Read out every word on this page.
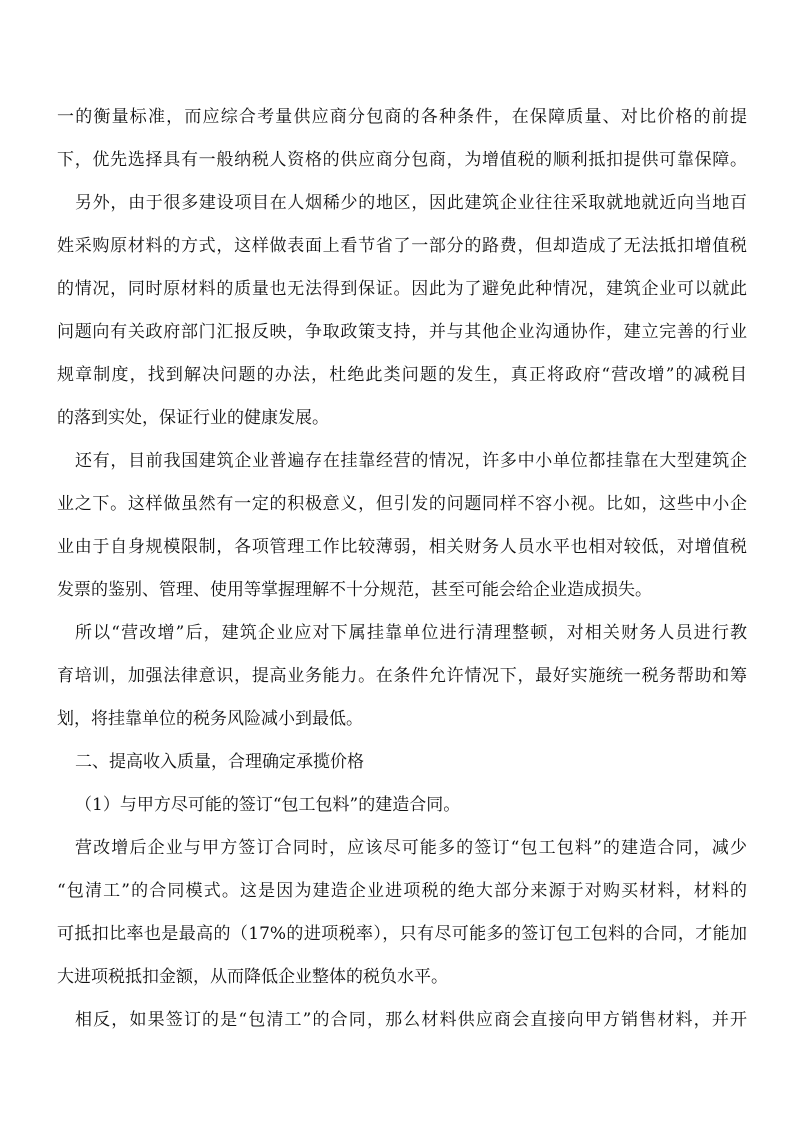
一的衡量标准，而应综合考量供应商分包商的各种条件，在保障质量、对比价格的前提
下，优先选择具有一般纳税人资格的供应商分包商，为增值税的顺利抵扣提供可靠保障。
另外，由于很多建设项目在人烟稀少的地区，因此建筑企业往往采取就地就近向当地百
姓采购原材料的方式，这样做表面上看节省了一部分的路费，但却造成了无法抵扣增值税
的情况，同时原材料的质量也无法得到保证。因此为了避免此种情况，建筑企业可以就此
问题向有关政府部门汇报反映，争取政策支持，并与其他企业沟通协作，建立完善的行业
规章制度，找到解决问题的办法，杜绝此类问题的发生，真正将政府“营改增”的减税目
的落到实处，保证行业的健康发展。
还有，目前我国建筑企业普遍存在挂靠经营的情况，许多中小单位都挂靠在大型建筑企
业之下。这样做虽然有一定的积极意义，但引发的问题同样不容小视。比如，这些中小企
业由于自身规模限制，各项管理工作比较薄弱，相关财务人员水平也相对较低，对增值税
发票的鉴别、管理、使用等掌握理解不十分规范，甚至可能会给企业造成损失。
所以“营改增”后，建筑企业应对下属挂靠单位进行清理整顿，对相关财务人员进行教
育培训，加强法律意识，提高业务能力。在条件允许情况下，最好实施统一税务帮助和筹
划，将挂靠单位的税务风险减小到最低。
二、提高收入质量，合理确定承揽价格
（1）与甲方尽可能的签订“包工包料”的建造合同。
营改增后企业与甲方签订合同时，应该尽可能多的签订“包工包料”的建造合同，减少
“包清工”的合同模式。这是因为建造企业进项税的绝大部分来源于对购买材料，材料的
可抵扣比率也是最高的（17%的进项税率），只有尽可能多的签订包工包料的合同，才能加
大进项税抵扣金额，从而降低企业整体的税负水平。
相反，如果签订的是“包清工”的合同，那么材料供应商会直接向甲方销售材料，并开
